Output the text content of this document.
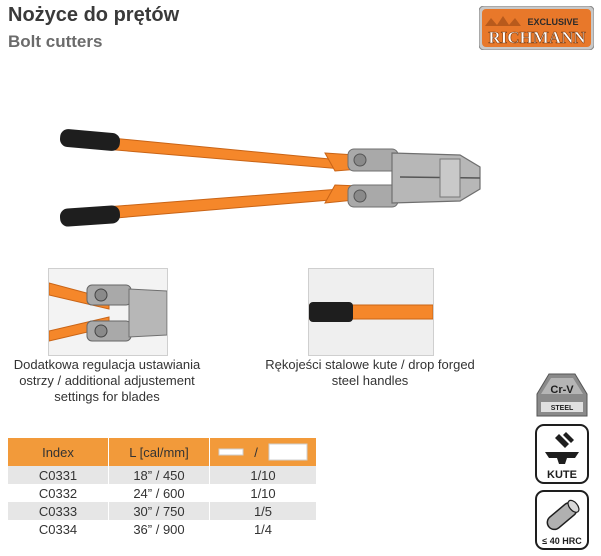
Nożyce do prętów
Bolt cutters
EXCLUSIVE
RICHMANN
Dodatkowa regulacja ustawiania ostrzy / additional adjustement settings for blades
Rękojeści stalowe kute / drop forged steel handles
Index	L [cal/mm]	/

C0331	18” / 450	1/10
C0332	24” / 600	1/10
C0333	30” / 750	1/5
C0334	36” / 900	1/4
Cr-V
STEEL
KUTE
≤ 40 HRC
